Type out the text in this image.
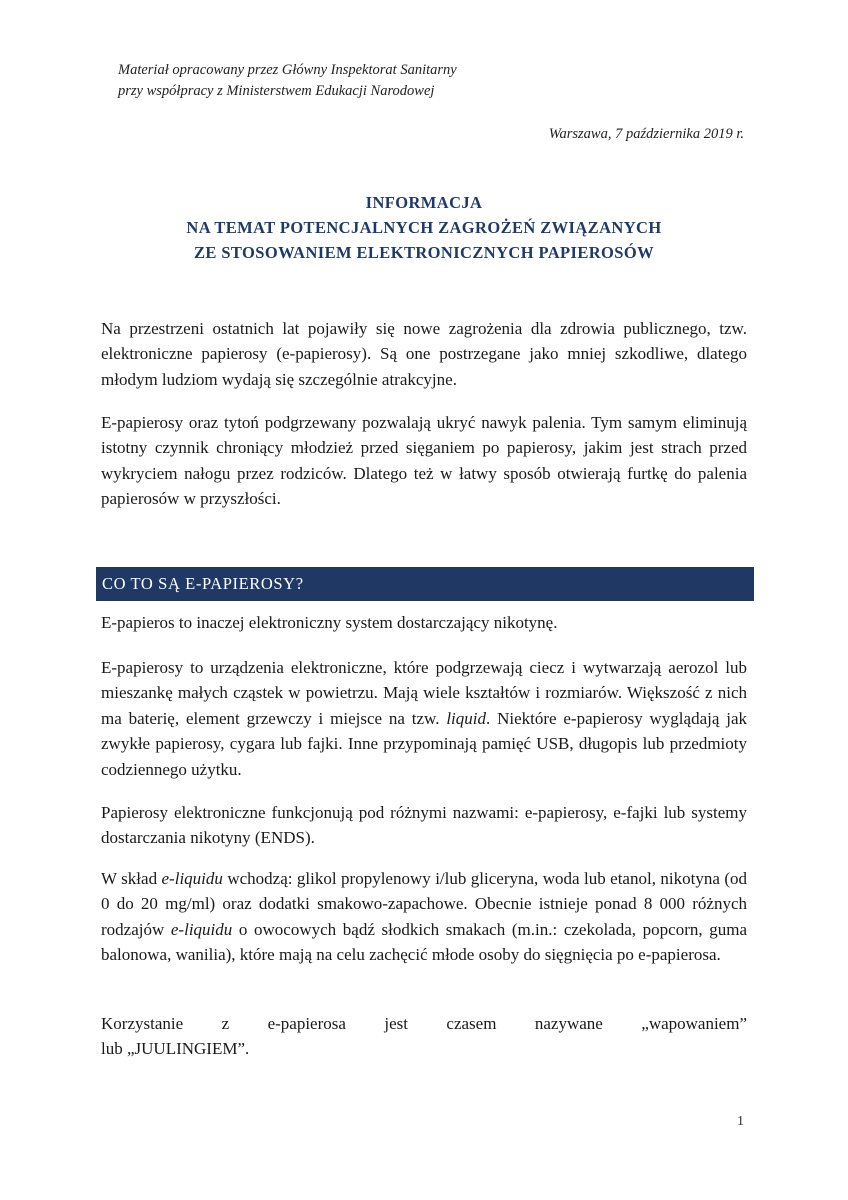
Materiał opracowany przez Główny Inspektorat Sanitarny
przy współpracy z Ministerstwem Edukacji Narodowej
Warszawa, 7 października 2019 r.
INFORMACJA
NA TEMAT POTENCJALNYCH ZAGROŻEŃ ZWIĄZANYCH
ZE STOSOWANIEM ELEKTRONICZNYCH PAPIEROSÓW

Na przestrzeni ostatnich lat pojawiły się nowe zagrożenia dla zdrowia publicznego, tzw. elektroniczne papierosy (e-papierosy). Są one postrzegane jako mniej szkodliwe, dlatego młodym ludziom wydają się szczególnie atrakcyjne.

E-papierosy oraz tytoń podgrzewany pozwalają ukryć nawyk palenia. Tym samym eliminują istotny czynnik chroniący młodzież przed sięganiem po papierosy, jakim jest strach przed wykryciem nałogu przez rodziców. Dlatego też w łatwy sposób otwierają furtkę do palenia papierosów w przyszłości.

CO TO SĄ E-PAPIEROSY?

E-papieros to inaczej elektroniczny system dostarczający nikotynę.

E-papierosy to urządzenia elektroniczne, które podgrzewają ciecz i wytwarzają aerozol lub mieszankę małych cząstek w powietrzu. Mają wiele kształtów i rozmiarów. Większość z nich ma baterię, element grzewczy i miejsce na tzw. liquid. Niektóre e-papierosy wyglądają jak zwykłe papierosy, cygara lub fajki. Inne przypominają pamięć USB, długopis lub przedmioty codziennego użytku.

Papierosy elektroniczne funkcjonują pod różnymi nazwami: e-papierosy, e-fajki lub systemy dostarczania nikotyny (ENDS).

W skład e-liquidu wchodzą: glikol propylenowy i/lub gliceryna, woda lub etanol, nikotyna (od 0 do 20 mg/ml) oraz dodatki smakowo-zapachowe. Obecnie istnieje ponad 8 000 różnych rodzajów e-liquidu o owocowych bądź słodkich smakach (m.in.: czekolada, popcorn, guma balonowa, wanilia), które mają na celu zachęcić młode osoby do sięgnięcia po e-papierosa.

Korzystanie z e-papierosa jest czasem nazywane „wapowaniem”

lub „JUULINGIEM”.

1
